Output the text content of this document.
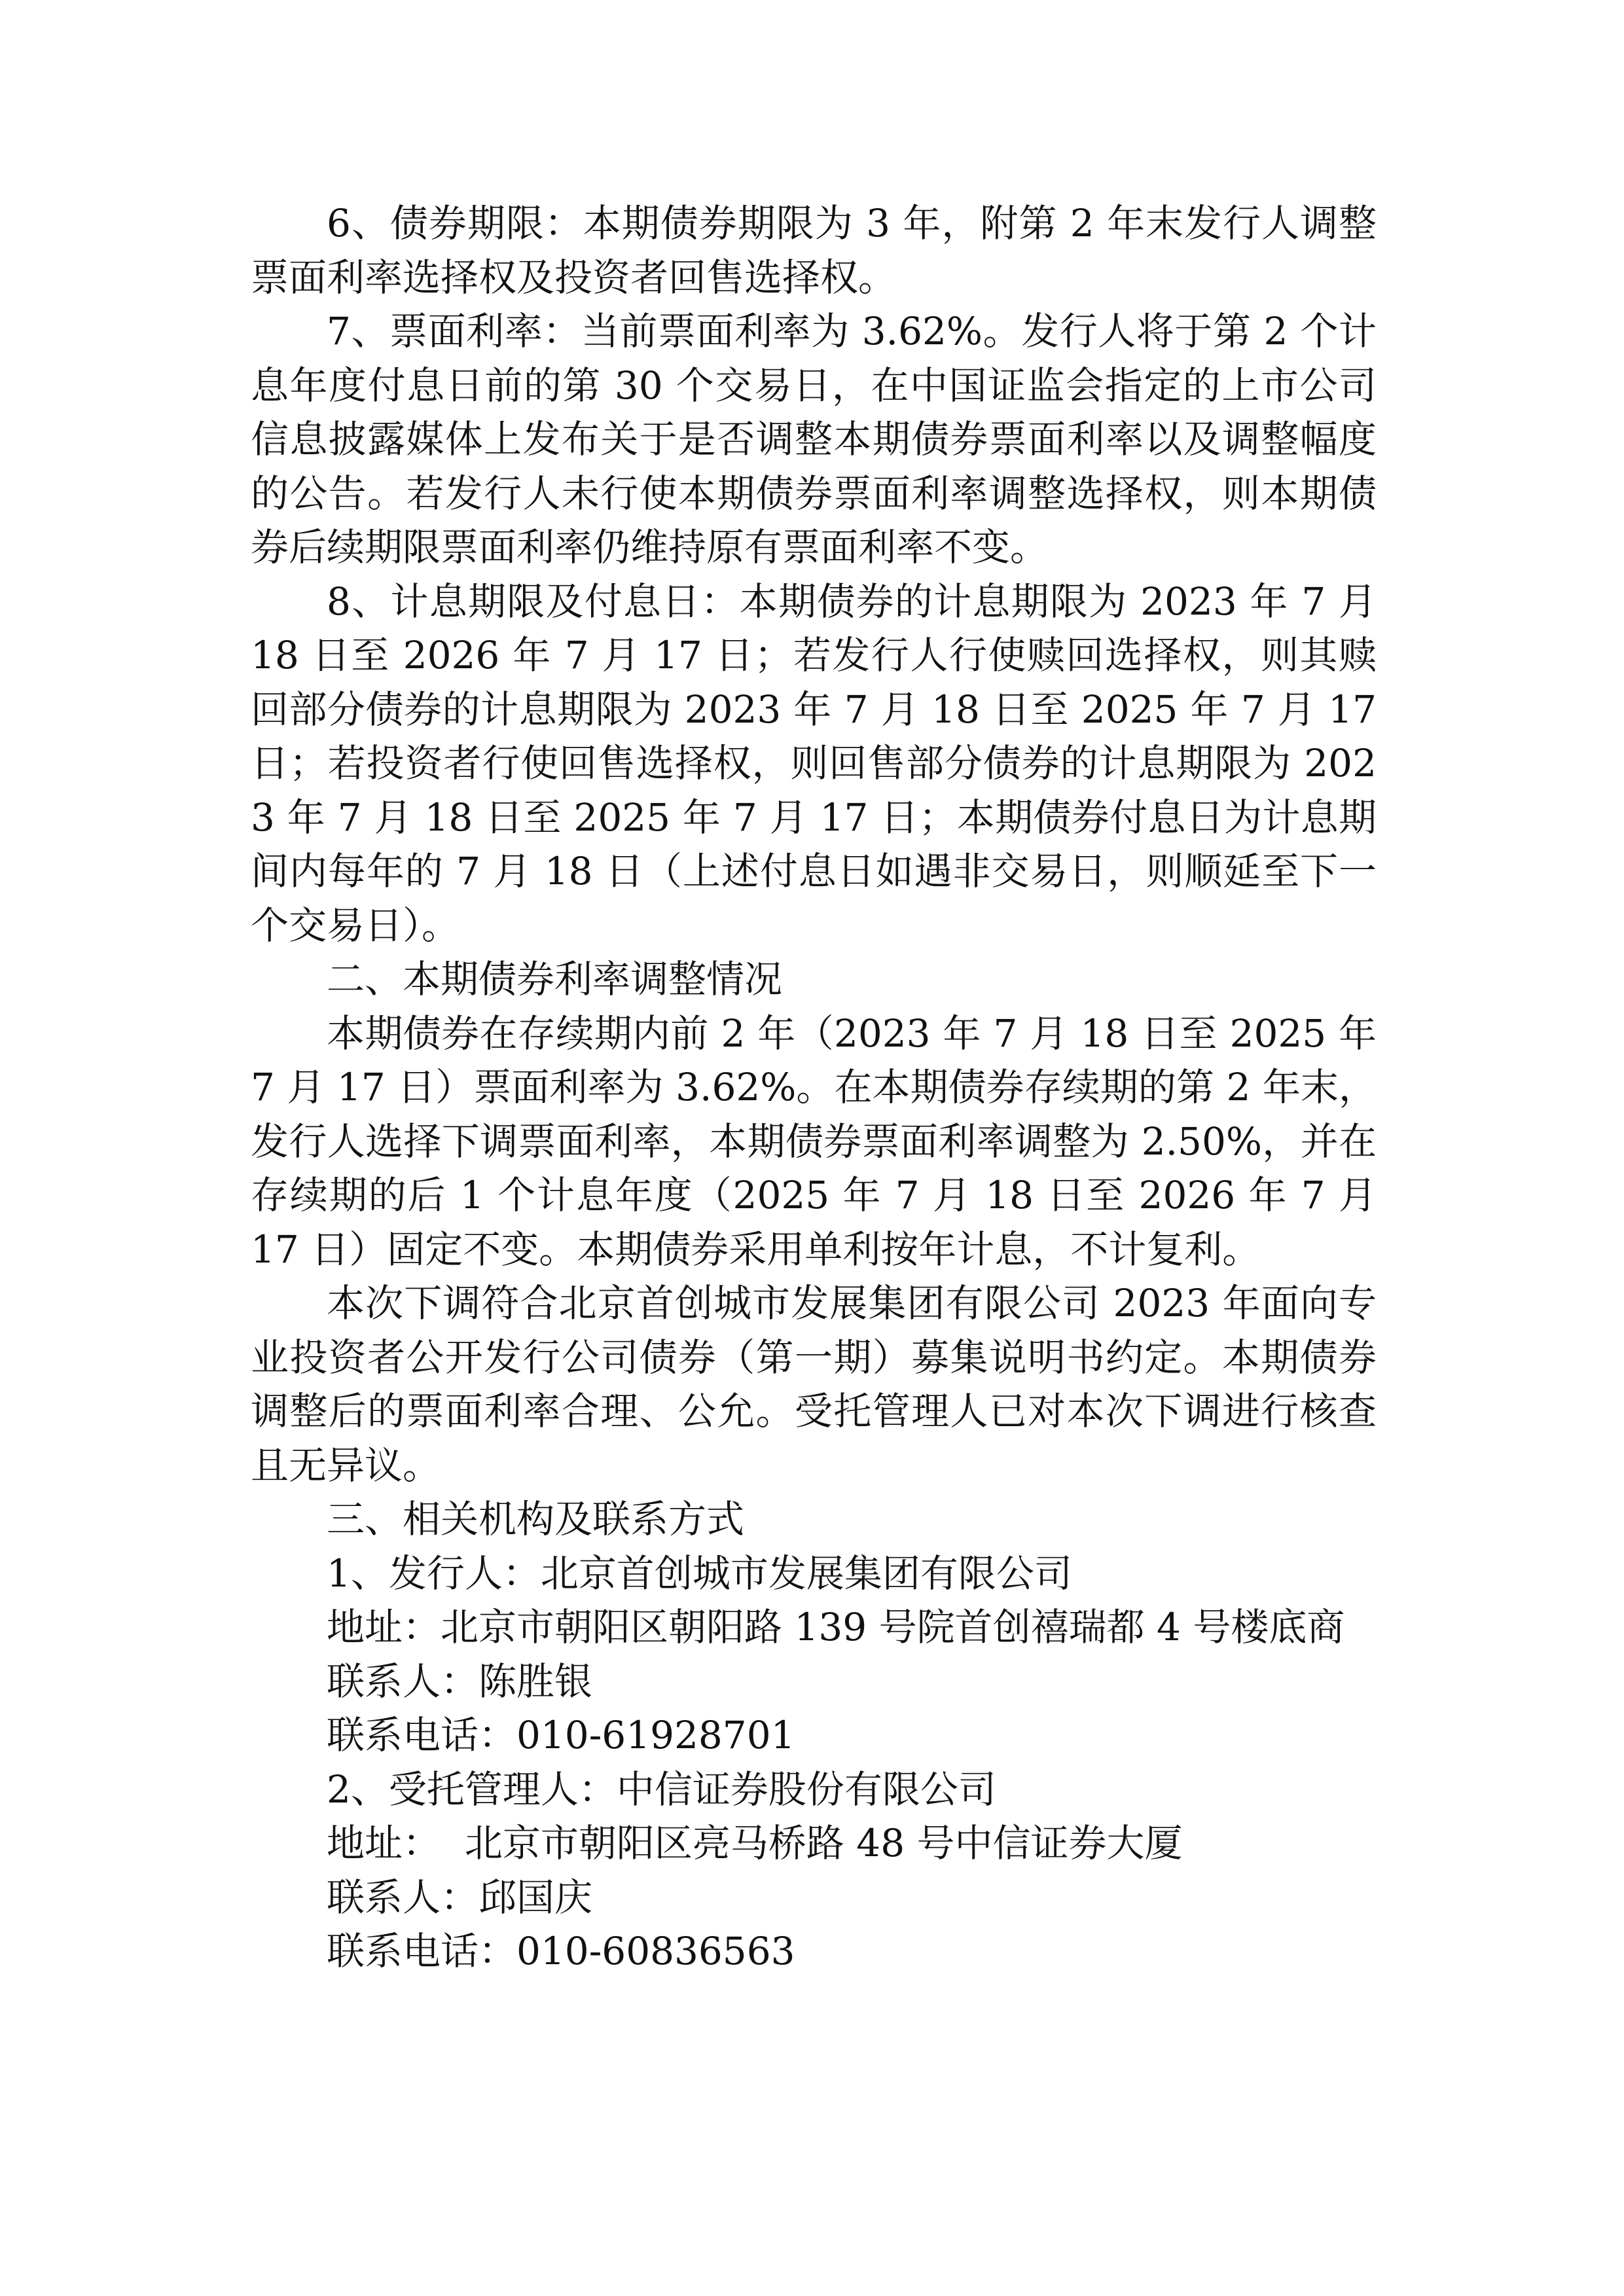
6、债券期限：本期债券期限为 3 年，附第 2 年末发行人调整票面利率选择权及投资者回售选择权。

7、票面利率：当前票面利率为 3.62%。发行人将于第 2 个计息年度付息日前的第 30 个交易日，在中国证监会指定的上市公司信息披露媒体上发布关于是否调整本期债券票面利率以及调整幅度的公告。若发行人未行使本期债券票面利率调整选择权，则本期债券后续期限票面利率仍维持原有票面利率不变。

8、计息期限及付息日：本期债券的计息期限为 2023 年 7 月 18 日至 2026 年 7 月 17 日；若发行人行使赎回选择权，则其赎回部分债券的计息期限为 2023 年 7 月 18 日至 2025 年 7 月 17 日；若投资者行使回售选择权，则回售部分债券的计息期限为 2023 年 7 月 18 日至 2025 年 7 月 17 日；本期债券付息日为计息期间内每年的 7 月 18 日（上述付息日如遇非交易日，则顺延至下一个交易日）。

二、本期债券利率调整情况

本期债券在存续期内前 2 年（2023 年 7 月 18 日至 2025 年 7 月 17 日）票面利率为 3.62%。在本期债券存续期的第 2 年末，发行人选择下调票面利率，本期债券票面利率调整为 2.50%，并在存续期的后 1 个计息年度（2025 年 7 月 18 日至 2026 年 7 月 17 日）固定不变。本期债券采用单利按年计息，不计复利。

本次下调符合北京首创城市发展集团有限公司 2023 年面向专业投资者公开发行公司债券（第一期）募集说明书约定。本期债券调整后的票面利率合理、公允。受托管理人已对本次下调进行核查且无异议。

三、相关机构及联系方式

1、发行人：北京首创城市发展集团有限公司

地址：北京市朝阳区朝阳路 139 号院首创禧瑞都 4 号楼底商

联系人：陈胜银

联系电话：010-61928701

2、受托管理人：中信证券股份有限公司

地址：  北京市朝阳区亮马桥路 48 号中信证券大厦

联系人：邱国庆

联系电话：010-60836563
